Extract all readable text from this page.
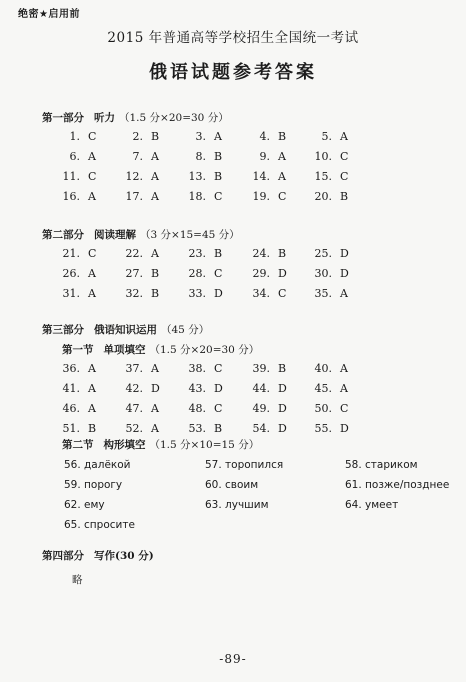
绝密★启用前
2015 年普通高等学校招生全国统一考试
俄语试题参考答案
第一部分 听力 （1.5 分×20=30 分）
1. C	2. B	3. A	4. B	5. A
6. A	7. A	8. B	9. A	10. C
11. C	12. A	13. B	14. A	15. C
16. A	17. A	18. C	19. C	20. B
第二部分 阅读理解 （3 分×15=45 分）
21. C	22. A	23. B	24. B	25. D
26. A	27. B	28. C	29. D	30. D
31. A	32. B	33. D	34. C	35. A
第三部分 俄语知识运用 （45 分）
第一节 单项填空 （1.5 分×20=30 分）
36. A	37. A	38. C	39. B	40. A
41. A	42. D	43. D	44. D	45. A
46. A	47. A	48. C	49. D	50. C
51. B	52. A	53. B	54. D	55. D
第二节 构形填空 （1.5 分×10=15 分）
56. далёкой	57. торопился	58. стариком
59. порогу	60. своим	61. позже/позднее
62. ему	63. лучшим	64. умеет
65. спросите
第四部分 写作(30 分)
略
-89-
